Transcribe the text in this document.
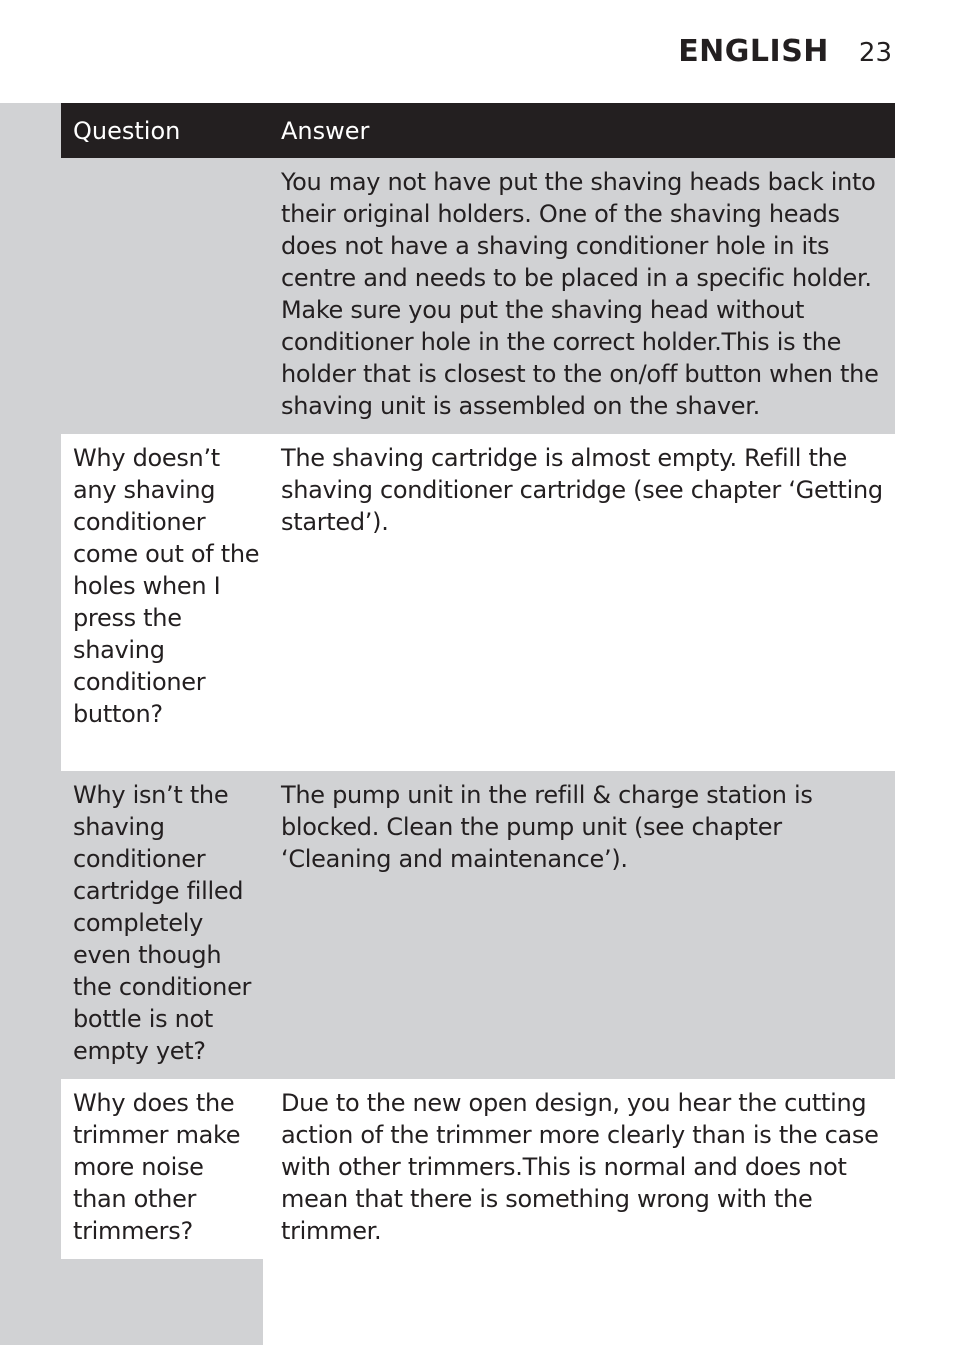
ENGLISH 23
Question	Answer
	You may not have put the shaving heads back into their original holders. One of the shaving heads does not have a shaving conditioner hole in its centre and needs to be placed in a specific holder. Make sure you put the shaving head without conditioner hole in the correct holder.This is the holder that is closest to the on/off button when the shaving unit is assembled on the shaver.
Why doesn’t any shaving conditioner come out of the holes when I press the shaving conditioner button?	The shaving cartridge is almost empty. Refill the shaving conditioner cartridge (see chapter ‘Getting started’).
Why isn’t the shaving conditioner cartridge filled completely even though the conditioner bottle is not empty yet?	The pump unit in the refill & charge station is blocked. Clean the pump unit (see chapter ‘Cleaning and maintenance’).
Why does the trimmer make more noise than other trimmers?	Due to the new open design, you hear the cutting action of the trimmer more clearly than is the case with other trimmers.This is normal and does not mean that there is something wrong with the trimmer.
